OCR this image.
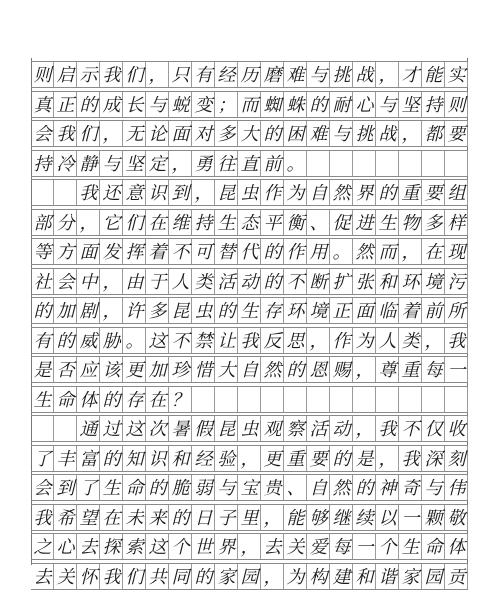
则 启 示 我 们 ， 只 有 经 历 磨 难 与 挑 战 ， 才 能 实
真 正 的 成 长 与 蜕 变 ； 而 蜘 蛛 的 耐 心 与 坚 持 则
会 我 们 ， 无 论 面 对 多 大 的 困 难 与 挑 战 ， 都 要
持 冷 静 与 坚 定 ， 勇 往 直 前 。

我 还 意 识 到 ， 昆 虫 作 为 自 然 界 的 重 要 组
部 分 ， 它 们 在 维 持 生 态 平 衡 、 促 进 生 物 多 样
等 方 面 发 挥 着 不 可 替 代 的 作 用 。 然 而 ， 在 现
社 会 中 ， 由 于 人 类 活 动 的 不 断 扩 张 和 环 境 污
的 加 剧 ， 许 多 昆 虫 的 生 存 环 境 正 面 临 着 前 所
有 的 威 胁 。 这 不 禁 让 我 反 思 ， 作 为 人 类 ， 我
是 否 应 该 更 加 珍 惜 大 自 然 的 恩 赐 ， 尊 重 每 一
生 命 体 的 存 在 ？

通 过 这 次 暑 假 昆 虫 观 察 活 动 ， 我 不 仅 收
了 丰 富 的 知 识 和 经 验 ， 更 重 要 的 是 ， 我 深 刻
会 到 了 生 命 的 脆 弱 与 宝 贵 、 自 然 的 神 奇 与 伟
我 希 望 在 未 来 的 日 子 里 ， 能 够 继 续 以 一 颗 敬
之 心 去 探 索 这 个 世 界 ， 去 关 爱 每 一 个 生 命 体
去 关 怀 我 们 共 同 的 家 园 ， 为 构 建 和 谐 家 园 贡
